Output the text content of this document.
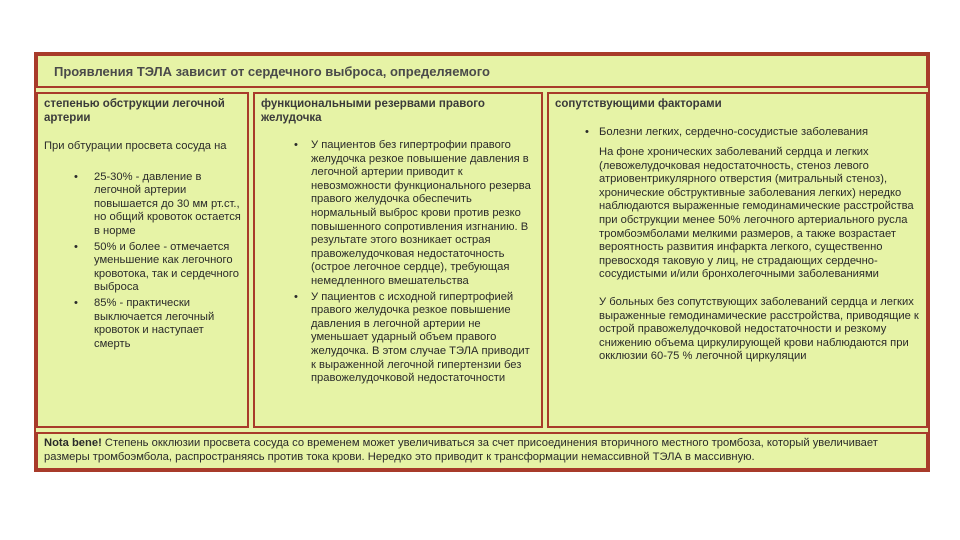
Проявления ТЭЛА зависит от сердечного выброса, определяемого

степенью обструкции легочной артерии

При обтурации просвета сосуда на

• 25-30% - давление в легочной артерии повышается до 30 мм рт.ст., но общий кровоток остается в норме
• 50% и более - отмечается уменьшение как легочного кровотока, так и сердечного выброса
• 85% - практически выключается легочный кровоток и наступает смерть

функциональными резервами правого желудочка

• У пациентов без гипертрофии правого желудочка резкое повышение давления в легочной артерии приводит к невозможности функционального резерва правого желудочка обеспечить нормальный выброс крови против резко повышенного сопротивления изгнанию. В результате этого возникает острая правожелудочковая недостаточность (острое легочное сердце), требующая немедленного вмешательства
• У пациентов с исходной гипертрофией правого желудочка резкое повышение давления в легочной артерии не уменьшает ударный объем правого желудочка. В этом случае ТЭЛА приводит к выраженной легочной гипертензии без правожелудочковой недостаточности

сопутствующими факторами

• Болезни легких, сердечно-сосудистые заболевания

На фоне хронических заболеваний сердца и легких (левожелудочковая недостаточность, стеноз левого атриовентрикулярного отверстия (митральный стеноз), хронические обструктивные заболевания легких) нередко наблюдаются выраженные гемодинамические расстройства при обструкции менее 50% легочного артериального русла тромбоэмболами мелкими размеров, а также возрастает вероятность развития инфаркта легкого, существенно превосходя таковую у лиц, не страдающих сердечно-сосудистыми и/или бронхолегочными заболеваниями

У больных без сопутствующих заболеваний сердца и легких выраженные гемодинамические расстройства, приводящие к острой правожелудочковой недостаточности и резкому снижению объема циркулирующей крови наблюдаются при окклюзии 60-75 % легочной циркуляции

Nota bene! Степень окклюзии просвета сосуда со временем может увеличиваться за счет присоединения вторичного местного тромбоза, который увеличивает размеры тромбоэмбола, распространяясь против тока крови. Нередко это приводит к трансформации немассивной ТЭЛА в массивную.
